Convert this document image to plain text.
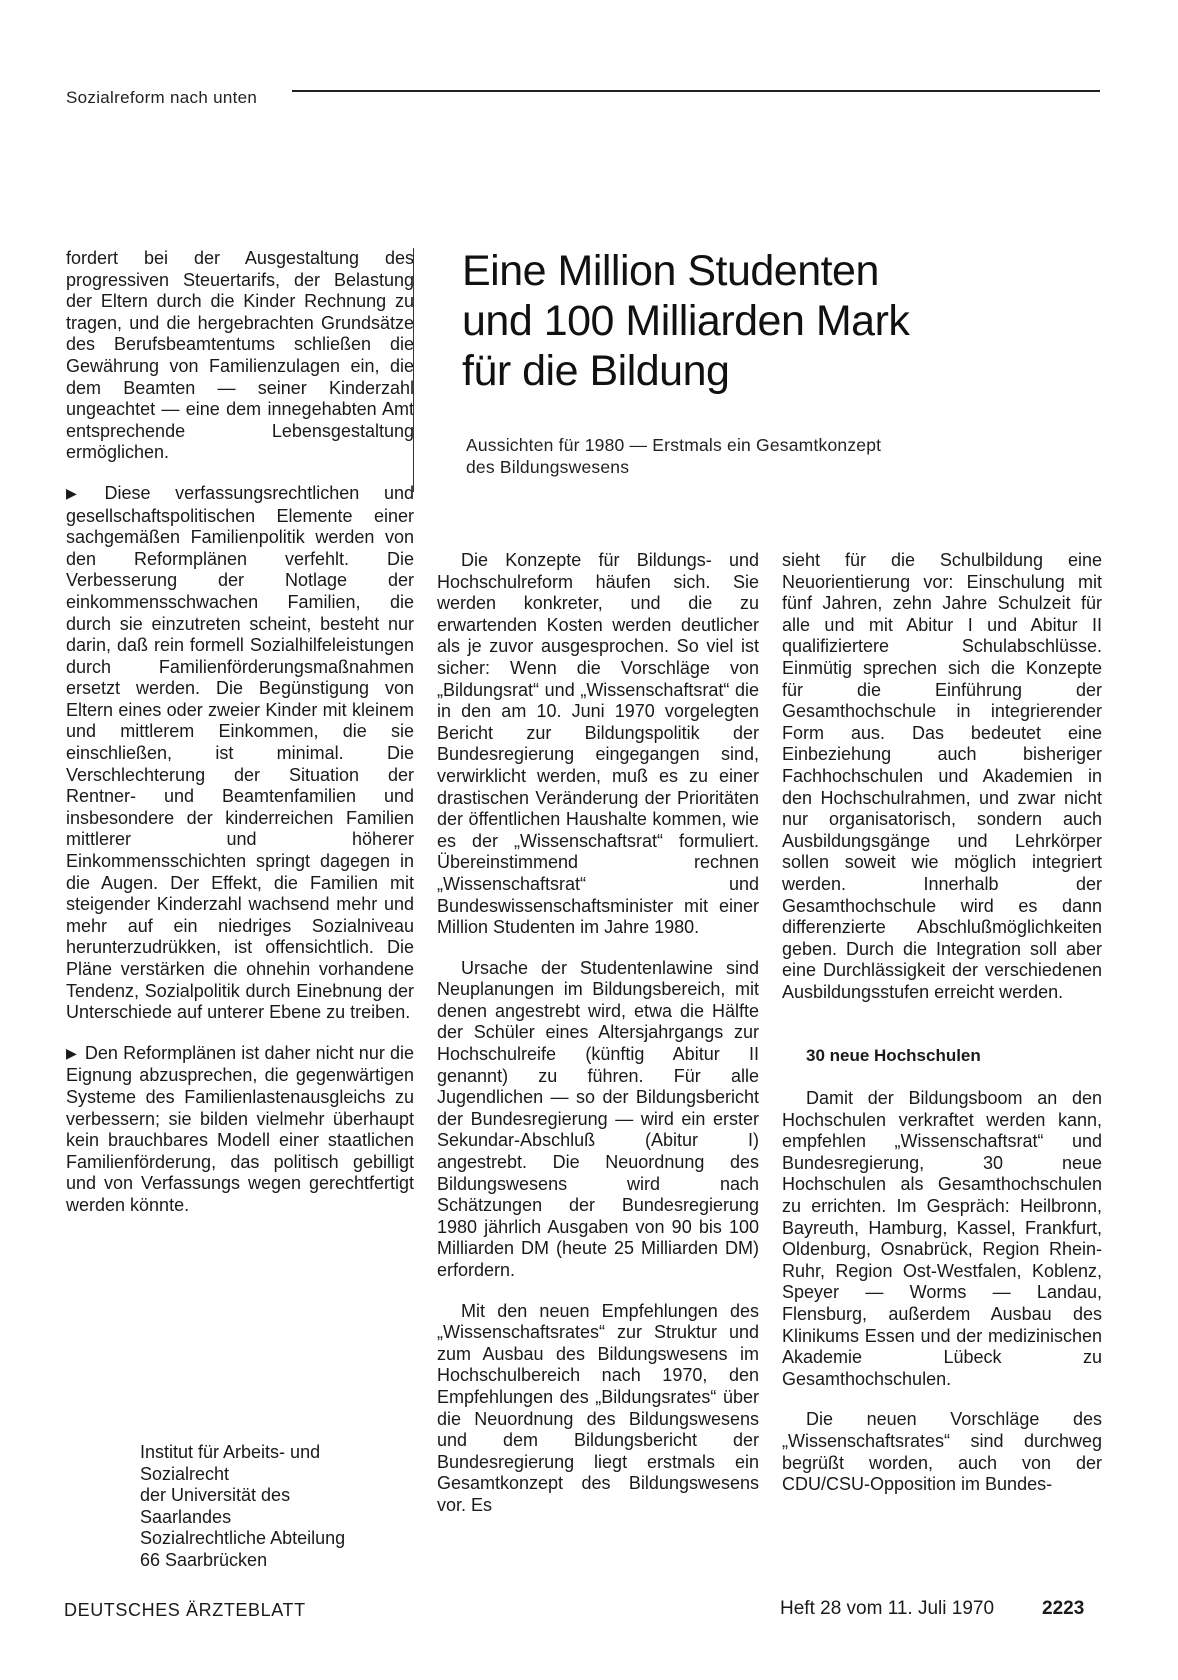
Sozialreform nach unten

fordert bei der Ausgestaltung des progressiven Steuertarifs, der Belastung der Eltern durch die Kinder Rechnung zu tragen, und die hergebrachten Grundsätze des Berufsbeamtentums schließen die Gewährung von Familienzulagen ein, die dem Beamten — seiner Kinderzahl ungeachtet — eine dem innegehabten Amt entsprechende Lebensgestaltung ermöglichen.

▶ Diese verfassungsrechtlichen und gesellschaftspolitischen Elemente einer sachgemäßen Familienpolitik werden von den Reformplänen verfehlt. Die Verbesserung der Notlage der einkommensschwachen Familien, die durch sie einzutreten scheint, besteht nur darin, daß rein formell Sozialhilfeleistungen durch Familienförderungsmaßnahmen ersetzt werden. Die Begünstigung von Eltern eines oder zweier Kinder mit kleinem und mittlerem Einkommen, die sie einschließen, ist minimal. Die Verschlechterung der Situation der Rentner- und Beamtenfamilien und insbesondere der kinderreichen Familien mittlerer und höherer Einkommensschichten springt dagegen in die Augen. Der Effekt, die Familien mit steigender Kinderzahl wachsend mehr und mehr auf ein niedriges Sozialniveau herunterzudrükken, ist offensichtlich. Die Pläne verstärken die ohnehin vorhandene Tendenz, Sozialpolitik durch Einebnung der Unterschiede auf unterer Ebene zu treiben.

▶ Den Reformplänen ist daher nicht nur die Eignung abzusprechen, die gegenwärtigen Systeme des Familienlastenausgleichs zu verbessern; sie bilden vielmehr überhaupt kein brauchbares Modell einer staatlichen Familienförderung, das politisch gebilligt und von Verfassungs wegen gerechtfertigt werden könnte.

Institut für Arbeits- und
Sozialrecht
der Universität des
Saarlandes
Sozialrechtliche Abteilung
66 Saarbrücken
Eine Million Studenten
und 100 Milliarden Mark
für die Bildung
Aussichten für 1980 — Erstmals ein Gesamtkonzept
des Bildungswesens

Die Konzepte für Bildungs- und Hochschulreform häufen sich. Sie werden konkreter, und die zu erwartenden Kosten werden deutlicher als je zuvor ausgesprochen. So viel ist sicher: Wenn die Vorschläge von „Bildungsrat“ und „Wissenschaftsrat“ die in den am 10. Juni 1970 vorgelegten Bericht zur Bildungspolitik der Bundesregierung eingegangen sind, verwirklicht werden, muß es zu einer drastischen Veränderung der Prioritäten der öffentlichen Haushalte kommen, wie es der „Wissenschaftsrat“ formuliert. Übereinstimmend rechnen „Wissenschaftsrat“ und Bundeswissenschaftsminister mit einer Million Studenten im Jahre 1980.

Ursache der Studentenlawine sind Neuplanungen im Bildungsbereich, mit denen angestrebt wird, etwa die Hälfte der Schüler eines Altersjahrgangs zur Hochschulreife (künftig Abitur II genannt) zu führen. Für alle Jugendlichen — so der Bildungsbericht der Bundesregierung — wird ein erster Sekundar-Abschluß (Abitur I) angestrebt. Die Neuordnung des Bildungswesens wird nach Schätzungen der Bundesregierung 1980 jährlich Ausgaben von 90 bis 100 Milliarden DM (heute 25 Milliarden DM) erfordern.

Mit den neuen Empfehlungen des „Wissenschaftsrates“ zur Struktur und zum Ausbau des Bildungswesens im Hochschulbereich nach 1970, den Empfehlungen des „Bildungsrates“ über die Neuordnung des Bildungswesens und dem Bildungsbericht der Bundesregierung liegt erstmals ein Gesamtkonzept des Bildungswesens vor. Es

sieht für die Schulbildung eine Neuorientierung vor: Einschulung mit fünf Jahren, zehn Jahre Schulzeit für alle und mit Abitur I und Abitur II qualifiziertere Schulabschlüsse. Einmütig sprechen sich die Konzepte für die Einführung der Gesamthochschule in integrierender Form aus. Das bedeutet eine Einbeziehung auch bisheriger Fachhochschulen und Akademien in den Hochschulrahmen, und zwar nicht nur organisatorisch, sondern auch Ausbildungsgänge und Lehrkörper sollen soweit wie möglich integriert werden. Innerhalb der Gesamthochschule wird es dann differenzierte Abschlußmöglichkeiten geben. Durch die Integration soll aber eine Durchlässigkeit der verschiedenen Ausbildungsstufen erreicht werden.

30 neue Hochschulen

Damit der Bildungsboom an den Hochschulen verkraftet werden kann, empfehlen „Wissenschaftsrat“ und Bundesregierung, 30 neue Hochschulen als Gesamthochschulen zu errichten. Im Gespräch: Heilbronn, Bayreuth, Hamburg, Kassel, Frankfurt, Oldenburg, Osnabrück, Region Rhein-Ruhr, Region Ost-Westfalen, Koblenz, Speyer — Worms — Landau, Flensburg, außerdem Ausbau des Klinikums Essen und der medizinischen Akademie Lübeck zu Gesamthochschulen.

Die neuen Vorschläge des „Wissenschaftsrates“ sind durchweg begrüßt worden, auch von der CDU/CSU-Opposition im Bundes-

DEUTSCHES ÄRZTEBLATT	Heft 28 vom 11. Juli 1970	2223
